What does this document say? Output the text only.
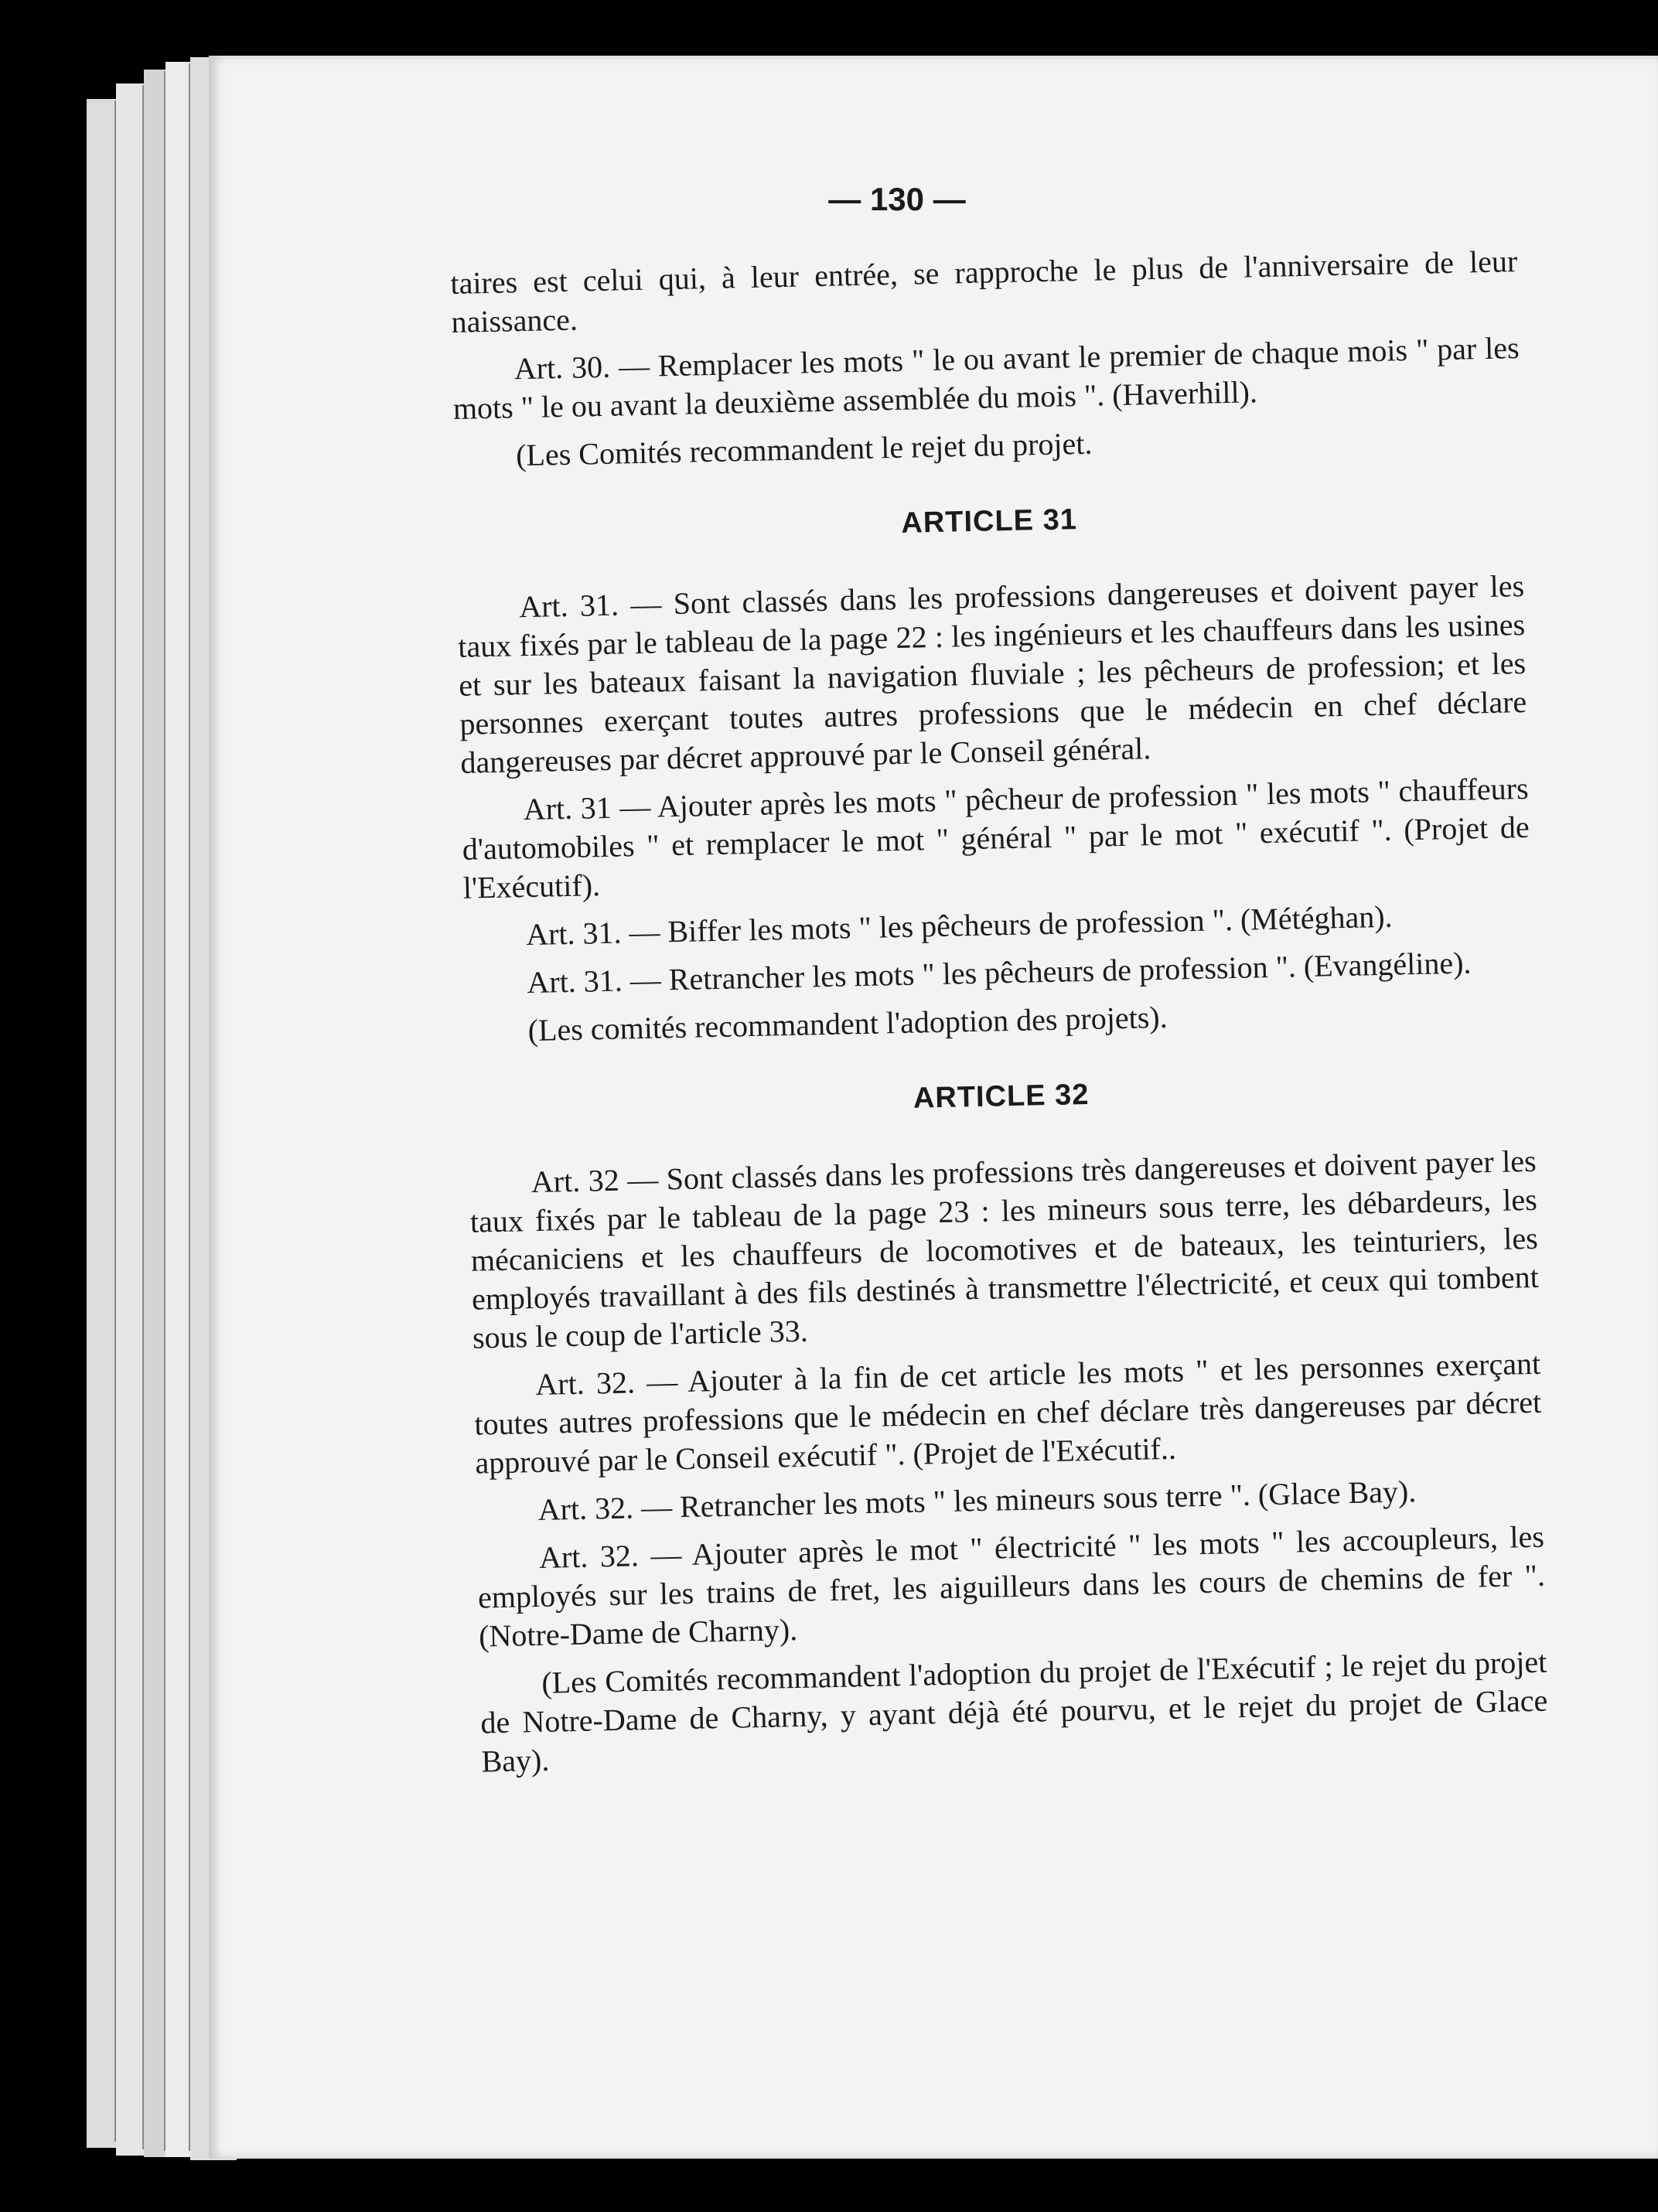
— 130 —

taires est celui qui, à leur entrée, se rapproche le plus de l'anniversaire de leur naissance.

Art. 30. — Remplacer les mots " le ou avant le premier de chaque mois " par les mots " le ou avant la deuxième assemblée du mois ". (Haverhill).

(Les Comités recommandent le rejet du projet.

ARTICLE 31

Art. 31. — Sont classés dans les professions dangereuses et doivent payer les taux fixés par le tableau de la page 22 : les ingénieurs et les chauffeurs dans les usines et sur les bateaux faisant la navigation fluviale ; les pêcheurs de profession; et les personnes exerçant toutes autres professions que le médecin en chef déclare dangereuses par décret approuvé par le Conseil général.

Art. 31 — Ajouter après les mots " pêcheur de profession " les mots " chauffeurs d'automobiles " et remplacer le mot " général " par le mot " exécutif ". (Projet de l'Exécutif).

Art. 31. — Biffer les mots " les pêcheurs de profession ". (Météghan).

Art. 31. — Retrancher les mots " les pêcheurs de profession ". (Evangéline).

(Les comités recommandent l'adoption des projets).

ARTICLE 32

Art. 32 — Sont classés dans les professions très dangereuses et doivent payer les taux fixés par le tableau de la page 23 : les mineurs sous terre, les débardeurs, les mécaniciens et les chauffeurs de locomotives et de bateaux, les teinturiers, les employés travaillant à des fils destinés à transmettre l'électricité, et ceux qui tombent sous le coup de l'article 33.

Art. 32. — Ajouter à la fin de cet article les mots " et les personnes exerçant toutes autres professions que le médecin en chef déclare très dangereuses par décret approuvé par le Conseil exécutif ". (Projet de l'Exécutif..

Art. 32. — Retrancher les mots " les mineurs sous terre ". (Glace Bay).

Art. 32. — Ajouter après le mot " électricité " les mots " les accoupleurs, les employés sur les trains de fret, les aiguilleurs dans les cours de chemins de fer ". (Notre-Dame de Charny).

(Les Comités recommandent l'adoption du projet de l'Exécutif ; le rejet du projet de Notre-Dame de Charny, y ayant déjà été pourvu, et le rejet du projet de Glace Bay).
